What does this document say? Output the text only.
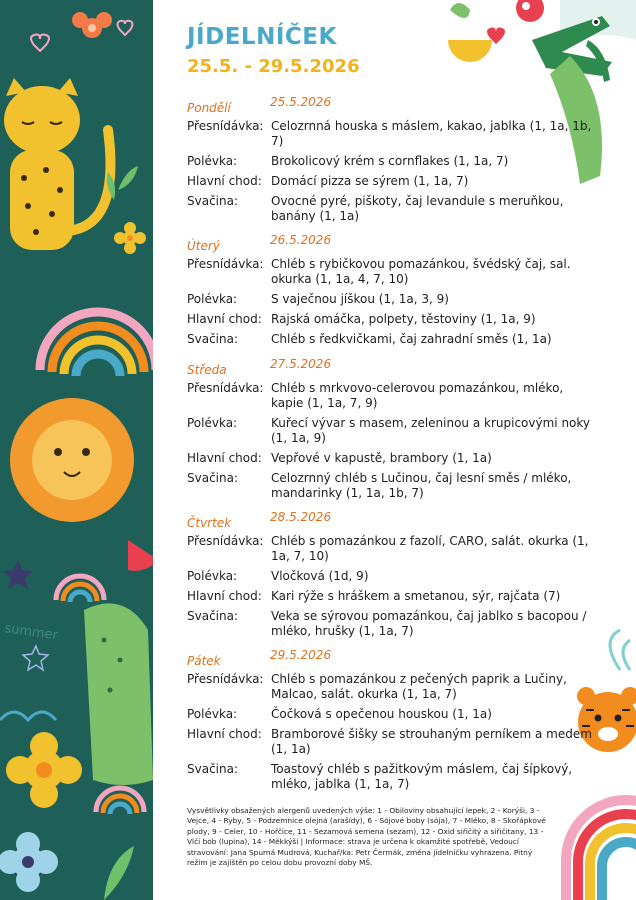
summer
JÍDELNÍČEK
25.5. - 29.5.2026
Pondělí	25.5.2026
Přesnídávka: Celozrnná houska s máslem, kakao, jablka (1, 1a, 1b, 7)
Polévka:	Brokolicový krém s cornflakes (1, 1a, 7)
Hlavní chod: Domácí pizza se sýrem (1, 1a, 7)
Svačina:	Ovocné pyré, piškoty, čaj levandule s meruňkou, banány (1, 1a)
Úterý	26.5.2026
Přesnídávka: Chléb s rybičkovou pomazánkou, švédský čaj, sal. okurka (1, 1a, 4, 7, 10)
Polévka:	S vaječnou jíškou (1, 1a, 3, 9)
Hlavní chod: Rajská omáčka, polpety, těstoviny (1, 1a, 9)
Svačina:	Chléb s ředkvičkami, čaj zahradní směs (1, 1a)
Středa	27.5.2026
Přesnídávka: Chléb s mrkvovo-celerovou pomazánkou, mléko, kapie (1, 1a, 7, 9)
Polévka:	Kuřecí vývar s masem, zeleninou a krupicovými noky (1, 1a, 9)
Hlavní chod: Vepřové v kapustě, brambory (1, 1a)
Svačina:	Celozrnný chléb s Lučinou, čaj lesní směs / mléko, mandarinky (1, 1a, 1b, 7)
Čtvrtek	28.5.2026
Přesnídávka: Chléb s pomazánkou z fazolí, CARO, salát. okurka (1, 1a, 7, 10)
Polévka:	Vločková (1d, 9)
Hlavní chod: Kari rýže s hráškem a smetanou, sýr, rajčata (7)
Svačina:	Veka se sýrovou pomazánkou, čaj jablko s bacopou / mléko, hrušky (1, 1a, 7)
Pátek	29.5.2026
Přesnídávka: Chléb s pomazánkou z pečených paprik a Lučiny, Malcao, salát. okurka (1, 1a, 7)
Polévka:	Čočková s opečenou houskou (1, 1a)
Hlavní chod: Bramborové šišky se strouhaným perníkem a medem (1, 1a)
Svačina:	Toastový chléb s pažitkovým máslem, čaj šípkový, mléko, jablka (1, 1a, 7)
Vysvětlivky obsažených alergenů uvedených výše: 1 - Obiloviny obsahující lepek, 2 - Korýši, 3 - Vejce, 4 - Ryby, 5 - Podzemnice olejná (arašídy), 6 - Sójové boby (sója), 7 - Mléko, 8 - Skořápkové plody, 9 - Celer, 10 - Hořčice, 11 - Sezamová semena (sezam), 12 - Oxid siřičitý a siřičitany, 13 - Vlčí bob (lupina), 14 - Měkkýši | Informace: strava je určena k okamžité spotřebě, Vedoucí stravování: Jana Spurná Mudrová, Kuchař/ka: Petr Čermák, změna jídelníčku vyhrazena. Pitný režim je zajištěn po celou dobu provozní doby MŠ.
